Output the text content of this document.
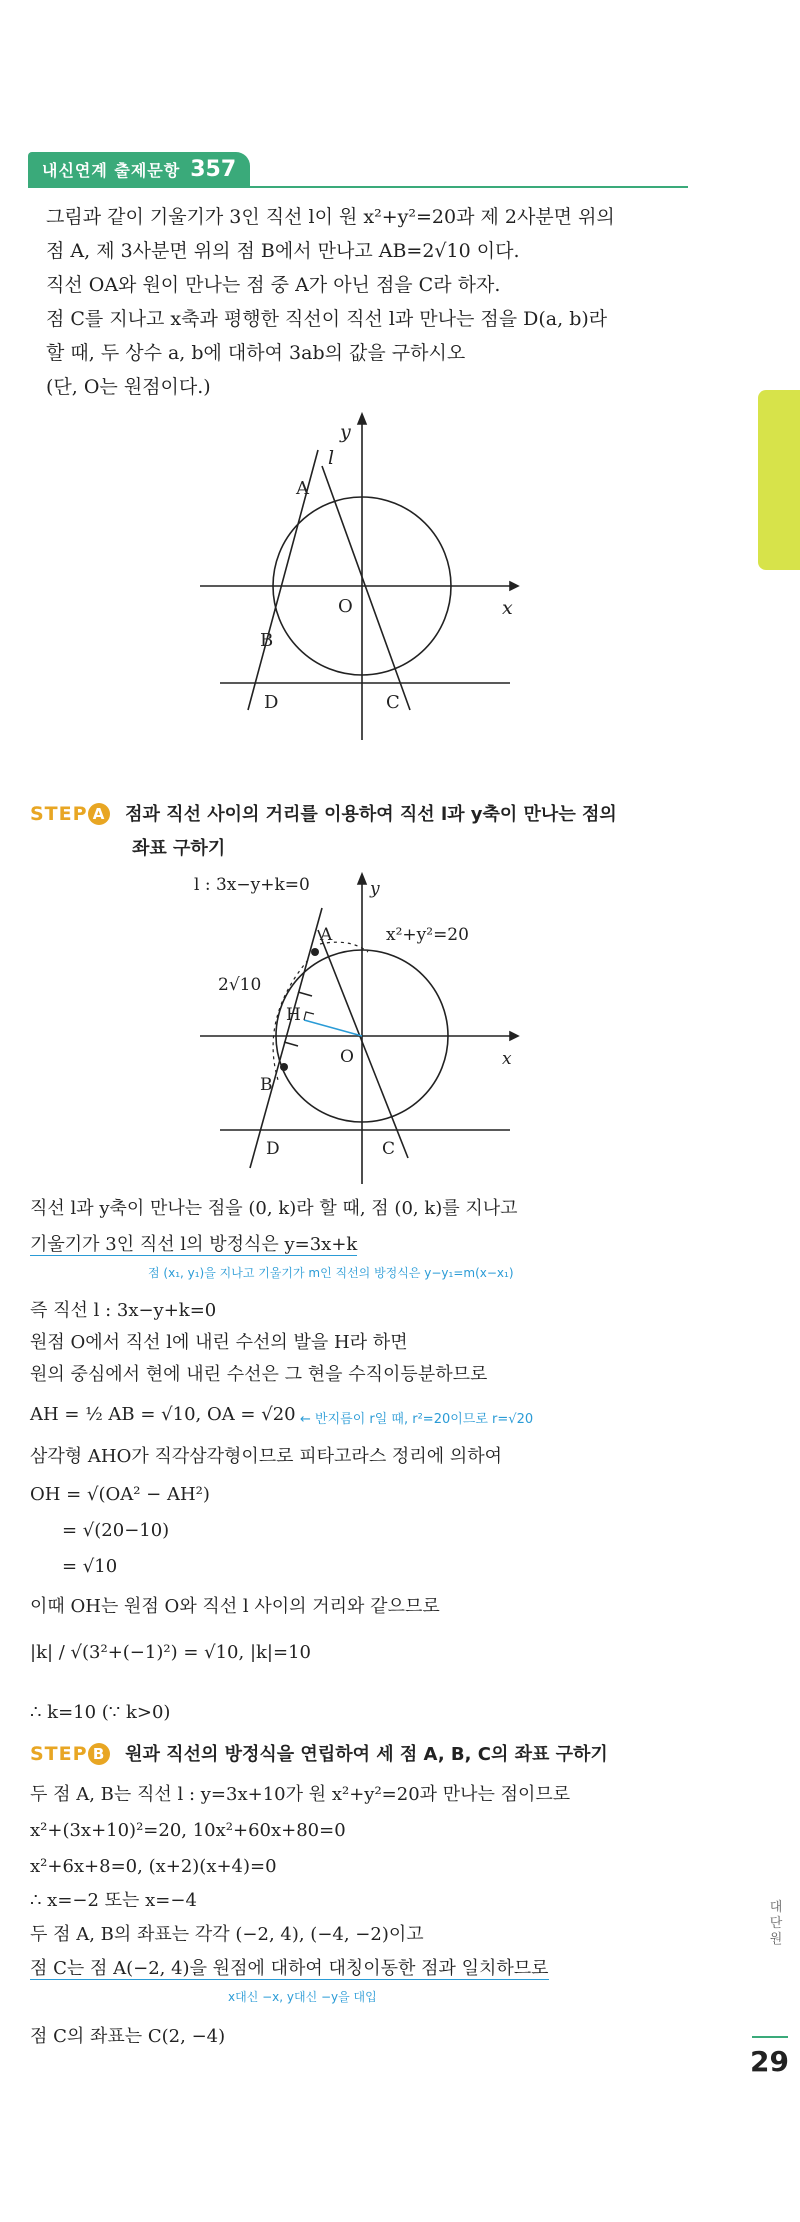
내신연계 출제문항 357

그림과 같이 기울기가 3인 직선 l이 원 x²+y²=20과 제 2사분면 위의

점 A, 제 3사분면 위의 점 B에서 만나고 AB=2√10 이다.

직선 OA와 원이 만나는 점 중 A가 아닌 점을 C라 하자.

점 C를 지나고 x축과 평행한 직선이 직선 l과 만나는 점을 D(a, b)라

할 때, 두 상수 a, b에 대하여 3ab의 값을 구하시오

(단, O는 원점이다.)

y
l
x
A
O
B
D	C
STEP A 점과 직선 사이의 거리를 이용하여 직선 l과 y축이 만나는 점의
좌표 구하기
l : 3x−y+k=0
x²+y²=20
2√10
y
x
A
H
O
B
D	C
직선 l과 y축이 만나는 점을 (0, k)라 할 때, 점 (0, k)를 지나고
기울기가 3인 직선 l의 방정식은 y=3x+k
점 (x₁, y₁)을 지나고 기울기가 m인 직선의 방정식은 y−y₁=m(x−x₁)
즉 직선 l : 3x−y+k=0
원점 O에서 직선 l에 내린 수선의 발을 H라 하면
원의 중심에서 현에 내린 수선은 그 현을 수직이등분하므로
AH = ½ AB = √10, OA = √20 ← 반지름이 r일 때, r²=20이므로 r=√20
삼각형 AHO가 직각삼각형이므로 피타고라스 정리에 의하여
OH = √(OA² − AH²)
= √(20−10)
= √10
이때 OH는 원점 O와 직선 l 사이의 거리와 같으므로
|k| / √(3²+(−1)²) = √10, |k|=10
∴ k=10 (∵ k>0)
STEP B 원과 직선의 방정식을 연립하여 세 점 A, B, C의 좌표 구하기
두 점 A, B는 직선 l : y=3x+10가 원 x²+y²=20과 만나는 점이므로
x²+(3x+10)²=20, 10x²+60x+80=0
x²+6x+8=0, (x+2)(x+4)=0
∴ x=−2 또는 x=−4
두 점 A, B의 좌표는 각각 (−2, 4), (−4, −2)이고
점 C는 점 A(−2, 4)을 원점에 대하여 대칭이동한 점과 일치하므로
x대신 −x, y대신 −y을 대입
점 C의 좌표는 C(2, −4)
대단원
29
